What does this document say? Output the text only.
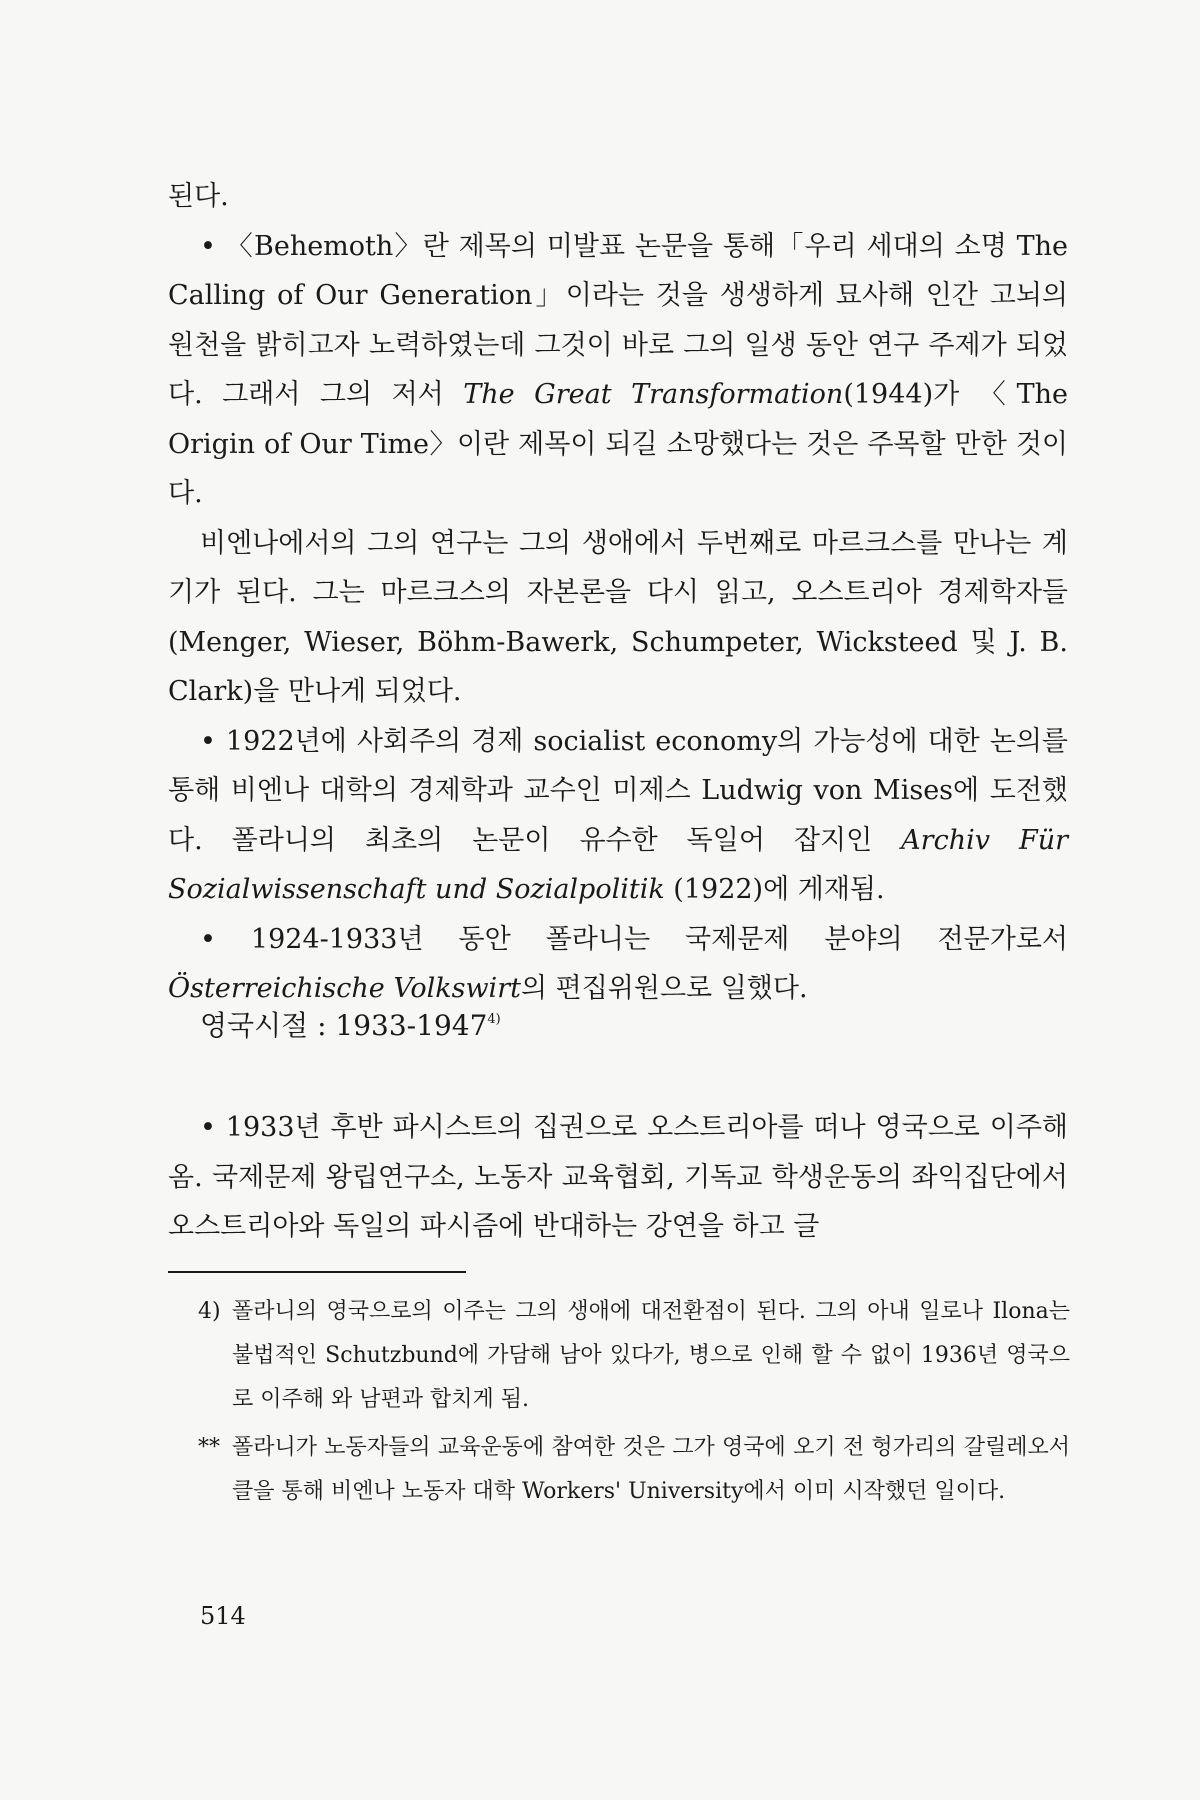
된다.

• 〈Behemoth〉란 제목의 미발표 논문을 통해「우리 세대의 소명 The Calling of Our Generation」이라는 것을 생생하게 묘사해 인간 고뇌의 원천을 밝히고자 노력하였는데 그것이 바로 그의 일생 동안 연구 주제가 되었다. 그래서 그의 저서 The Great Transformation(1944)가 〈The Origin of Our Time〉이란 제목이 되길 소망했다는 것은 주목할 만한 것이다.

비엔나에서의 그의 연구는 그의 생애에서 두번째로 마르크스를 만나는 계기가 된다. 그는 마르크스의 자본론을 다시 읽고, 오스트리아 경제학자들(Menger, Wieser, Böhm-Bawerk, Schumpeter, Wicksteed 및 J. B. Clark)을 만나게 되었다.

• 1922년에 사회주의 경제 socialist economy의 가능성에 대한 논의를 통해 비엔나 대학의 경제학과 교수인 미제스 Ludwig von Mises에 도전했다. 폴라니의 최초의 논문이 유수한 독일어 잡지인 Archiv Für Sozialwissenschaft und Sozialpolitik (1922)에 게재됨.

• 1924-1933년 동안 폴라니는 국제문제 분야의 전문가로서 Österreichische Volkswirt의 편집위원으로 일했다.

영국시절 : 1933-1947$^{4)}$

• 1933년 후반 파시스트의 집권으로 오스트리아를 떠나 영국으로 이주해 옴. 국제문제 왕립연구소, 노동자 교육협회, 기독교 학생운동의 좌익집단에서 오스트리아와 독일의 파시즘에 반대하는 강연을 하고 글

4) 폴라니의 영국으로의 이주는 그의 생애에 대전환점이 된다. 그의 아내 일로나 Ilona는 불법적인 Schutzbund에 가담해 남아 있다가, 병으로 인해 할 수 없이 1936년 영국으로 이주해 와 남편과 합치게 됨.

** 폴라니가 노동자들의 교육운동에 참여한 것은 그가 영국에 오기 전 헝가리의 갈릴레오서클을 통해 비엔나 노동자 대학 Workers' University에서 이미 시작했던 일이다.

514
